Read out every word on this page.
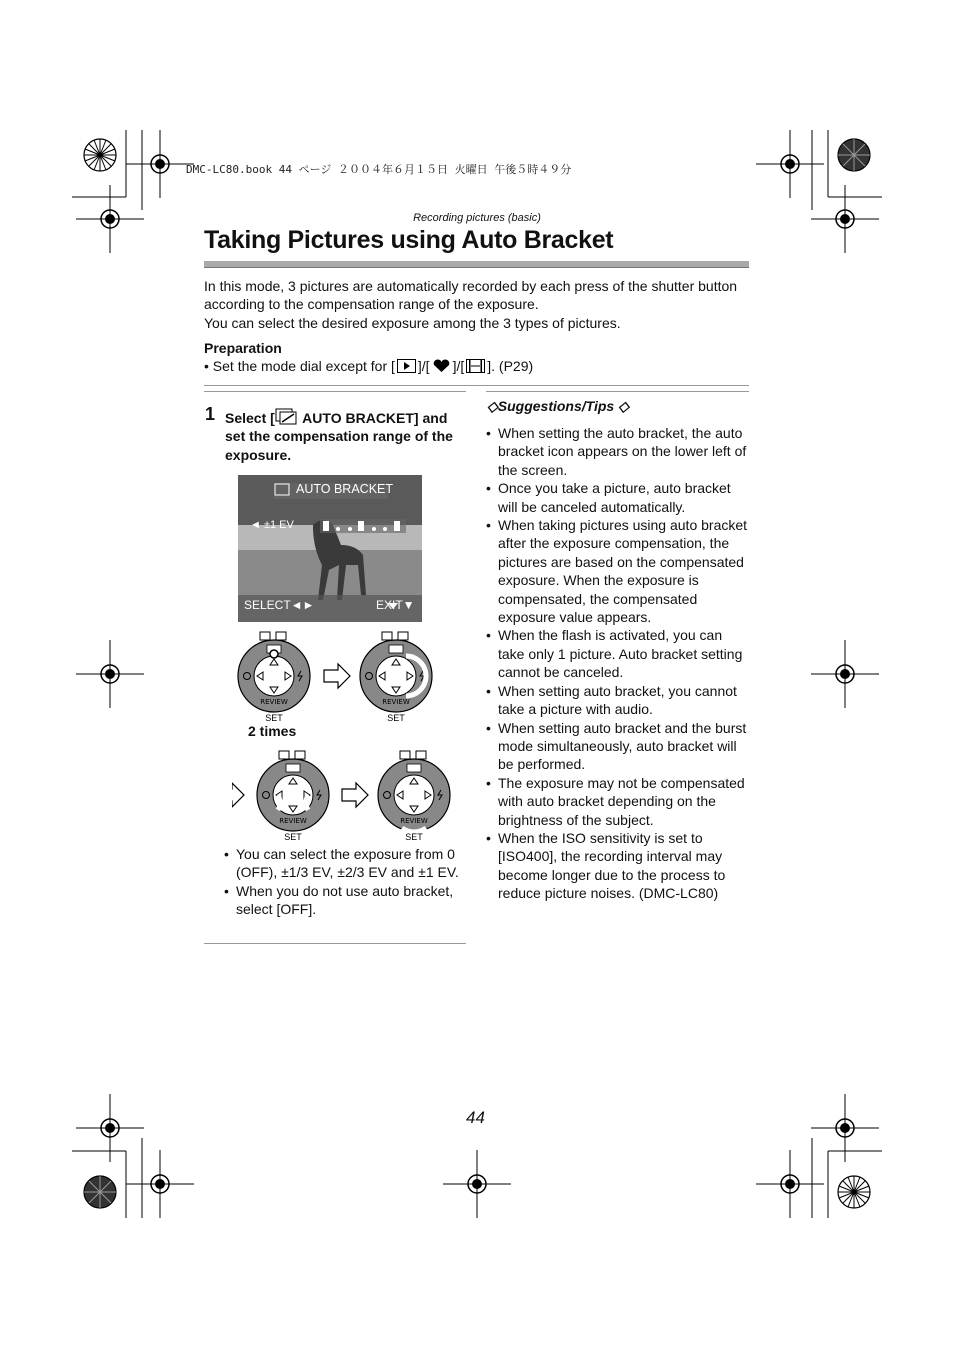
DMC-LC80.book 44 ページ ２００４年６月１５日 火曜日 午後５時４９分
Recording pictures (basic)
Taking Pictures using Auto Bracket

In this mode, 3 pictures are automatically recorded by each press of the shutter button according to the compensation range of the exposure.

You can select the desired exposure among the 3 types of pictures.

Preparation
• Set the mode dial except for [ ]/[ ]/[ ]. (P29)
1 Select [ AUTO BRACKET] and set the compensation range of the exposure.
AUTO BRACKET
◄ ±1 EV
SELECT◄►	EXIT▼
REVIEW	REVIEW
REVIEW	REVIEW
SET	SET
SET	SET
2 times
• You can select the exposure from 0 (OFF), ±1/3 EV, ±2/3 EV and ±1 EV.
• When you do not use auto bracket, select [OFF].
◇Suggestions/Tips ◇
• When setting the auto bracket, the auto bracket icon appears on the lower left of the screen.
• Once you take a picture, auto bracket will be canceled automatically.
• When taking pictures using auto bracket after the exposure compensation, the pictures are based on the compensated exposure. When the exposure is compensated, the compensated exposure value appears.
• When the flash is activated, you can take only 1 picture. Auto bracket setting cannot be canceled.
• When setting auto bracket, you cannot take a picture with audio.
• When setting auto bracket and the burst mode simultaneously, auto bracket will be performed.
• The exposure may not be compensated with auto bracket depending on the brightness of the subject.
• When the ISO sensitivity is set to [ISO400], the recording interval may become longer due to the process to reduce picture noises. (DMC-LC80)
44
